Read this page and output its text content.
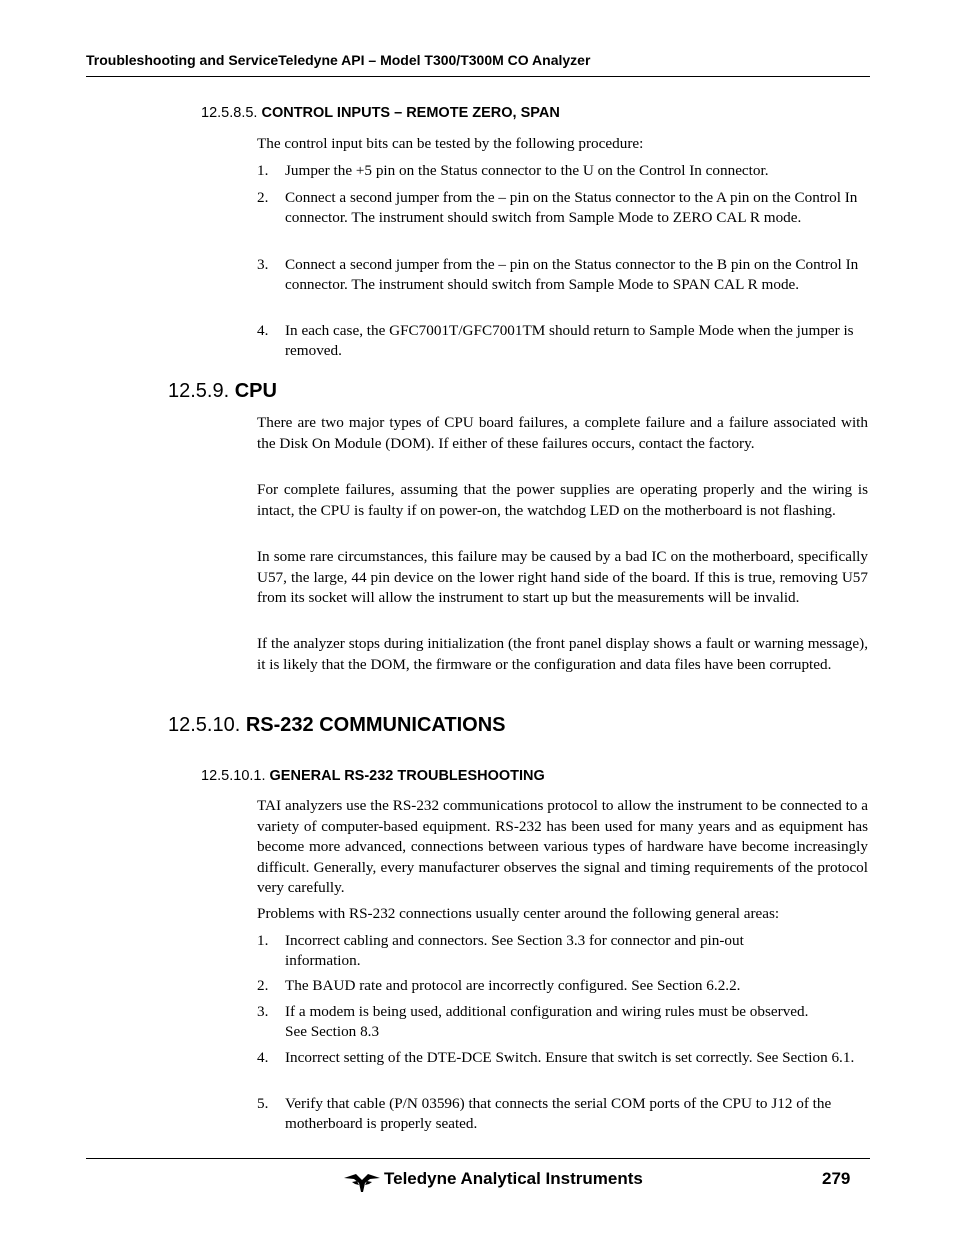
Troubleshooting and ServiceTeledyne API – Model T300/T300M CO Analyzer
12.5.8.5. CONTROL INPUTS – REMOTE ZERO, SPAN

The control input bits can be tested by the following procedure:

1. Jumper the +5 pin on the Status connector to the U on the Control In connector.
2. Connect a second jumper from the – pin on the Status connector to the A pin on the Control In connector. The instrument should switch from Sample Mode to ZERO CAL R mode.
3. Connect a second jumper from the – pin on the Status connector to the B pin on the Control In connector. The instrument should switch from Sample Mode to SPAN CAL R mode.
4. In each case, the GFC7001T/GFC7001TM should return to Sample Mode when the jumper is removed.
12.5.9. CPU

There are two major types of CPU board failures, a complete failure and a failure associated with the Disk On Module (DOM). If either of these failures occurs, contact the factory.

For complete failures, assuming that the power supplies are operating properly and the wiring is intact, the CPU is faulty if on power-on, the watchdog LED on the motherboard is not flashing.

In some rare circumstances, this failure may be caused by a bad IC on the motherboard, specifically U57, the large, 44 pin device on the lower right hand side of the board. If this is true, removing U57 from its socket will allow the instrument to start up but the measurements will be invalid.

If the analyzer stops during initialization (the front panel display shows a fault or warning message), it is likely that the DOM, the firmware or the configuration and data files have been corrupted.

12.5.10. RS-232 COMMUNICATIONS
12.5.10.1. GENERAL RS-232 TROUBLESHOOTING

TAI analyzers use the RS-232 communications protocol to allow the instrument to be connected to a variety of computer-based equipment. RS-232 has been used for many years and as equipment has become more advanced, connections between various types of hardware have become increasingly difficult. Generally, every manufacturer observes the signal and timing requirements of the protocol very carefully.

Problems with RS-232 connections usually center around the following general areas:

1. Incorrect cabling and connectors. See Section 3.3 for connector and pin-out information.
2. The BAUD rate and protocol are incorrectly configured. See Section 6.2.2.
3. If a modem is being used, additional configuration and wiring rules must be observed. See Section 8.3
4. Incorrect setting of the DTE-DCE Switch. Ensure that switch is set correctly. See Section 6.1.
5. Verify that cable (P/N 03596) that connects the serial COM ports of the CPU to J12 of the motherboard is properly seated.
Teledyne Analytical Instruments	279
